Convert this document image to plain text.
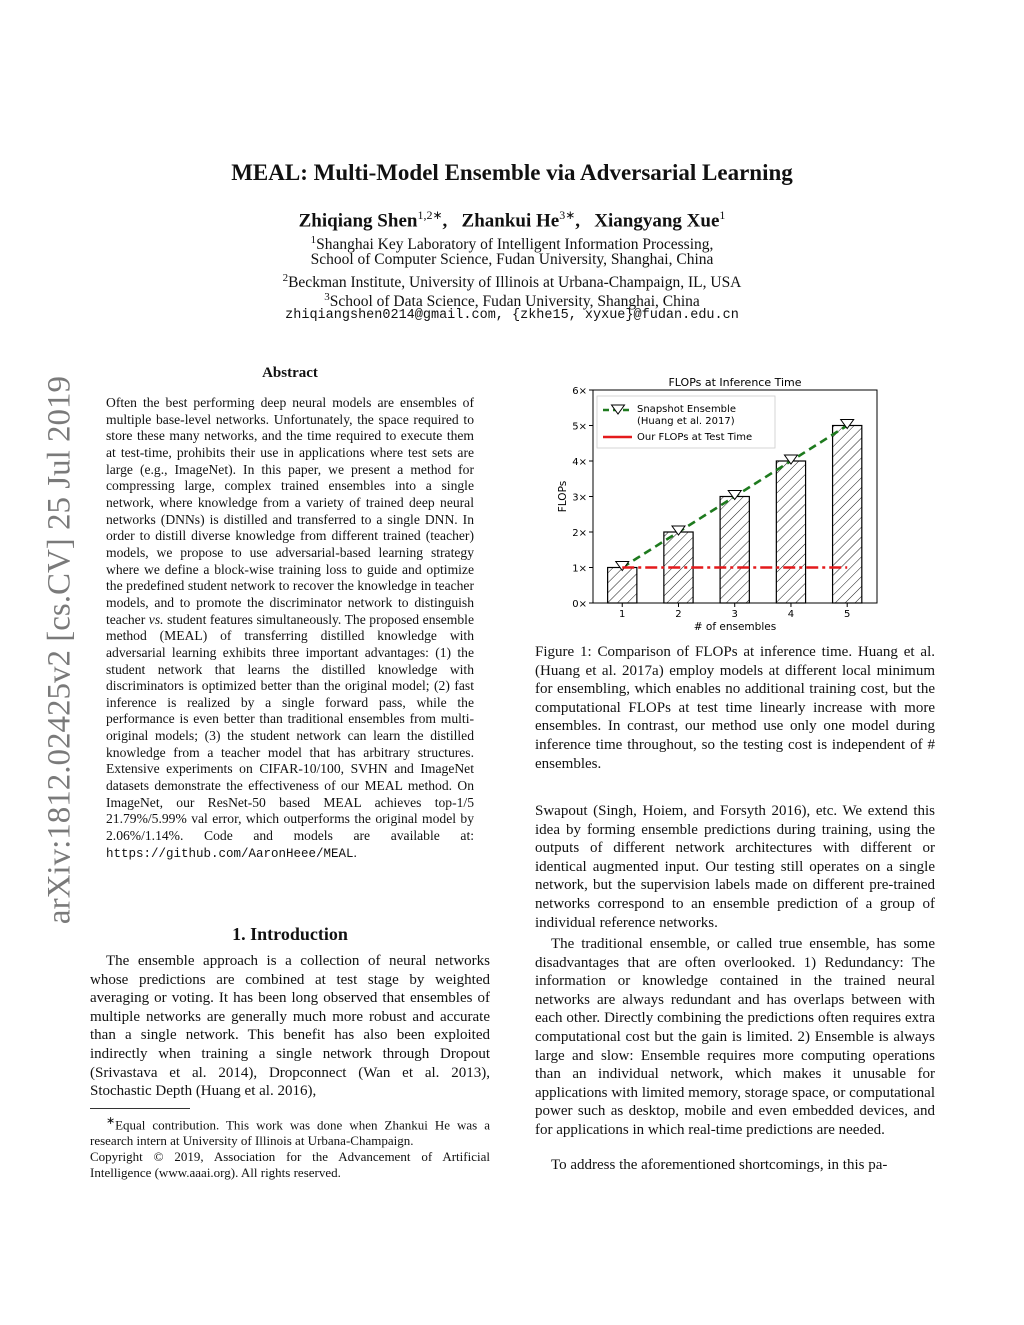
arXiv:1812.02425v2 [cs.CV] 25 Jul 2019
MEAL: Multi-Model Ensemble via Adversarial Learning
Zhiqiang Shen$^{1,2∗}$,   Zhankui $He^{3∗}$,   Xiangyang Xue$^1$
$^1$Shanghai Key Laboratory of Intelligent Information Processing,
School of Computer Science, Fudan University, Shanghai, China
$^2$Beckman Institute, University of Illinois at Urbana-Champaign, IL, USA
$^3$School of Data Science, Fudan University, Shanghai, China
zhiqiangshen0214@gmail.com, {zkhe15, xyxue}@fudan.edu.cn
Abstract
Often the best performing deep neural models are ensembles of multiple base-level networks. Unfortunately, the space required to store these many networks, and the time required to execute them at test-time, prohibits their use in applications where test sets are large (e.g., ImageNet). In this paper, we present a method for compressing large, complex trained ensembles into a single network, where knowledge from a variety of trained deep neural networks (DNNs) is distilled and transferred to a single DNN. In order to distill diverse knowledge from different trained (teacher) models, we propose to use adversarial-based learning strategy where we define a block-wise training loss to guide and optimize the predefined student network to recover the knowledge in teacher models, and to promote the discriminator network to distinguish teacher vs. student features simultaneously. The proposed ensemble method (MEAL) of transferring distilled knowledge with adversarial learning exhibits three important advantages: (1) the student network that learns the distilled knowledge with discriminators is optimized better than the original model; (2) fast inference is realized by a single forward pass, while the performance is even better than traditional ensembles from multi-original models; (3) the student network can learn the distilled knowledge from a teacher model that has arbitrary structures. Extensive experiments on CIFAR-10/100, SVHN and ImageNet datasets demonstrate the effectiveness of our MEAL method. On ImageNet, our ResNet-50 based MEAL achieves top-1/5 21.79%/5.99% val error, which outperforms the original model by 2.06%/1.14%. Code and models are available at: https://github.com/AaronHeee/MEAL.
1. Introduction

The ensemble approach is a collection of neural networks whose predictions are combined at test stage by weighted averaging or voting. It has been long observed that ensembles of multiple networks are generally much more robust and accurate than a single network. This benefit has also been exploited indirectly when training a single network through Dropout (Srivastava et al. 2014), Dropconnect (Wan et al. 2013), Stochastic Depth (Huang et al. 2016),

∗Equal contribution. This work was done when Zhankui He was a research intern at University of Illinois at Urbana-Champaign.

Copyright © 2019, Association for the Advancement of Artificial Intelligence (www.aaai.org). All rights reserved.

FLOPs at Inference Time
0×
1×
2×
3×
4×
5×
6×
1	2	3	4	5
FLOPs
# of ensembles
Snapshot Ensemble
(Huang et al. 2017)
Our FLOPs at Test Time

Figure 1: Comparison of FLOPs at inference time. Huang et al. (Huang et al. 2017a) employ models at different local minimum for ensembling, which enables no additional training cost, but the computational FLOPs at test time linearly increase with more ensembles. In contrast, our method use only one model during inference time throughout, so the testing cost is independent of # ensembles.

Swapout (Singh, Hoiem, and Forsyth 2016), etc. We extend this idea by forming ensemble predictions during training, using the outputs of different network architectures with different or identical augmented input. Our testing still operates on a single network, but the supervision labels made on different pre-trained networks correspond to an ensemble prediction of a group of individual reference networks.

The traditional ensemble, or called true ensemble, has some disadvantages that are often overlooked. 1) Redundancy: The information or knowledge contained in the trained neural networks are always redundant and has overlaps between with each other. Directly combining the predictions often requires extra computational cost but the gain is limited. 2) Ensemble is always large and slow: Ensemble requires more computing operations than an individual network, which makes it unusable for applications with limited memory, storage space, or computational power such as desktop, mobile and even embedded devices, and for applications in which real-time predictions are needed.

To address the aforementioned shortcomings, in this pa-
